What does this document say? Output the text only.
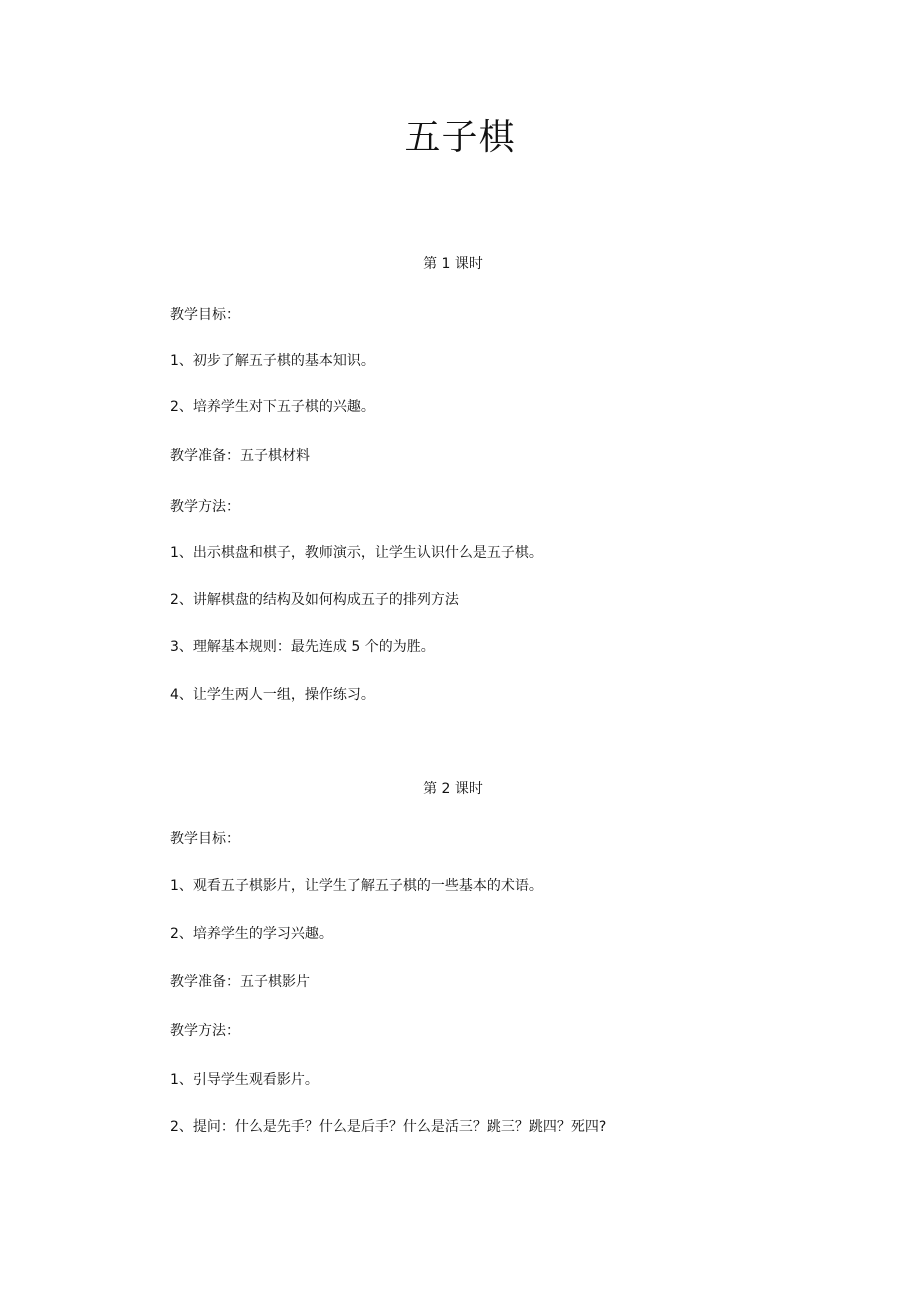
五子棋
第 1 课时
教学目标：
1、初步了解五子棋的基本知识。
2、培养学生对下五子棋的兴趣。
教学准备：五子棋材料
教学方法：
1、出示棋盘和棋子，教师演示，让学生认识什么是五子棋。
2、讲解棋盘的结构及如何构成五子的排列方法
3、理解基本规则：最先连成 5 个的为胜。
4、让学生两人一组，操作练习。
第 2 课时
教学目标：
1、观看五子棋影片，让学生了解五子棋的一些基本的术语。
2、培养学生的学习兴趣。
教学准备：五子棋影片
教学方法：
1、引导学生观看影片。
2、提问：什么是先手？什么是后手？什么是活三？跳三？跳四？死四?
